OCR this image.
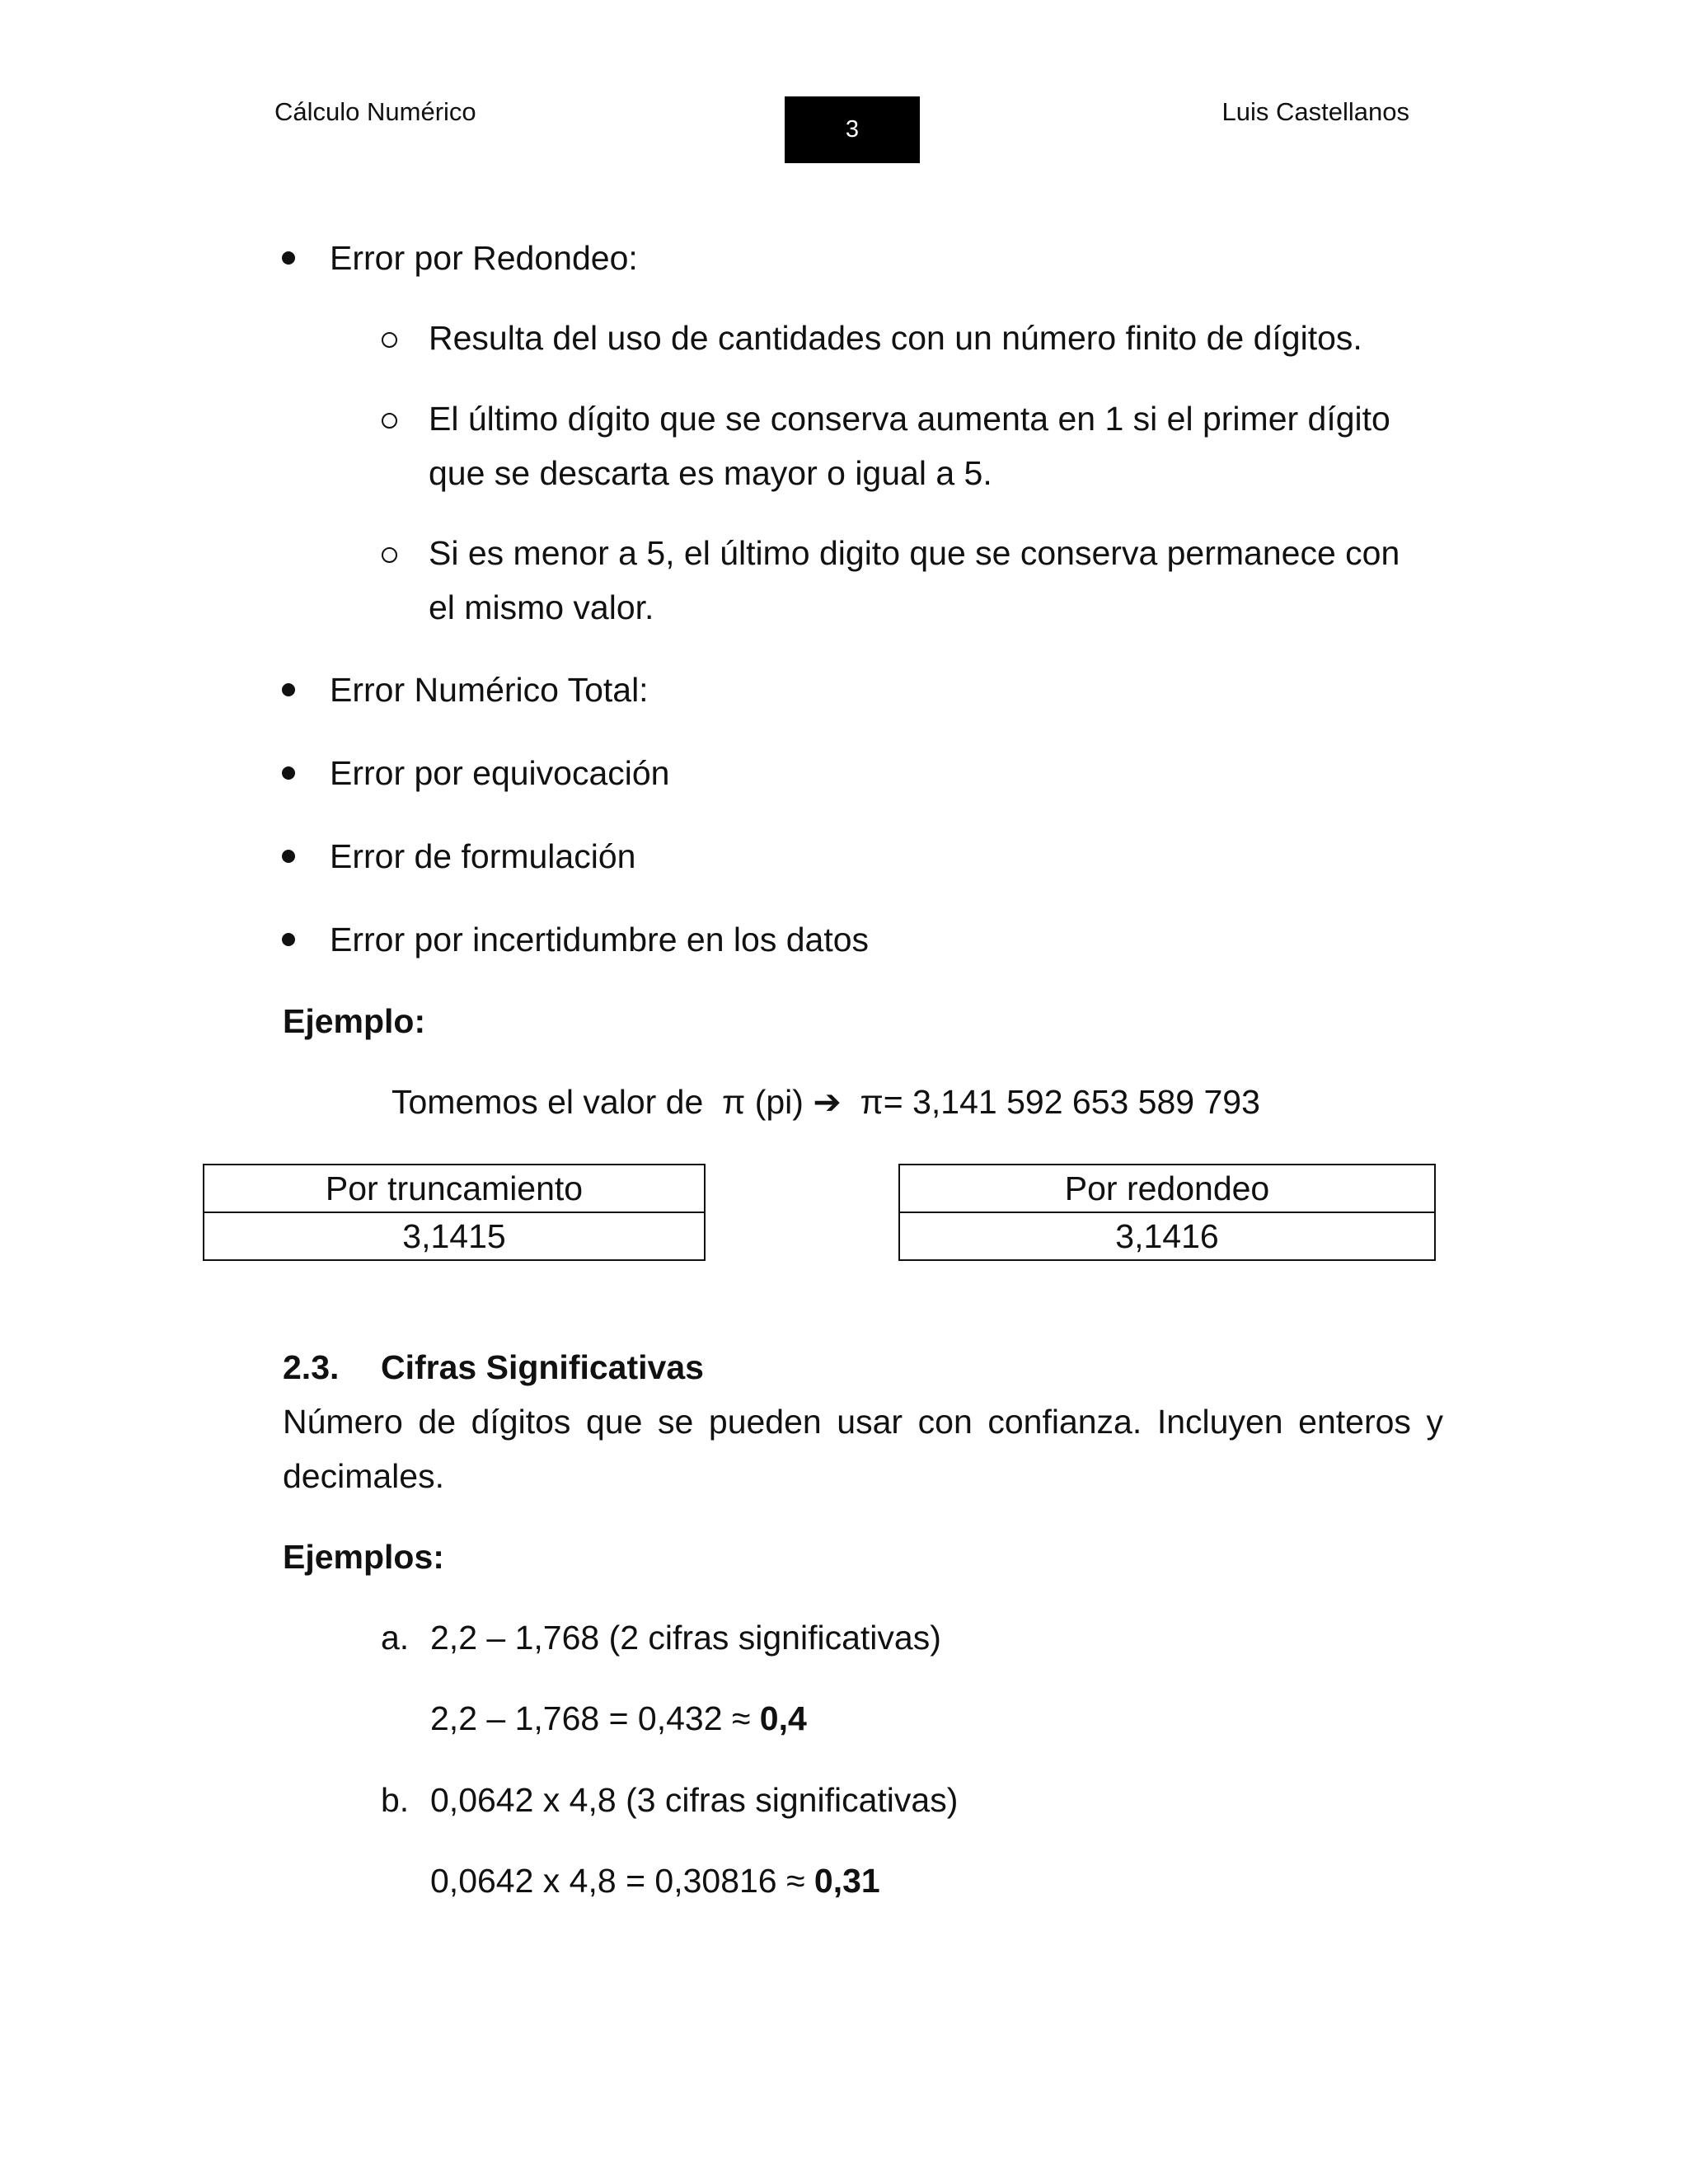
Cálculo Numérico
3
Luis Castellanos
Error por Redondeo:
Resulta del uso de cantidades con un número finito de dígitos.
El último dígito que se conserva aumenta en 1 si el primer dígito
que se descarta es mayor o igual a 5.
Si es menor a 5, el último digito que se conserva permanece con
el mismo valor.
Error Numérico Total:
Error por equivocación
Error de formulación
Error por incertidumbre en los datos
Ejemplo:
Tomemos el valor de  π (pi) ➔  π= 3,141 592 653 589 793
Por truncamiento
3,1415
Por redondeo
3,1416
2.3. Cifras Significativas
Número de dígitos que se pueden usar con confianza. Incluyen enteros y decimales.
Ejemplos:
a. 2,2 – 1,768 (2 cifras significativas)
2,2 – 1,768 = 0,432 ≈ 0,4
b. 0,0642 x 4,8 (3 cifras significativas)
0,0642 x 4,8 = 0,30816 ≈ 0,31
